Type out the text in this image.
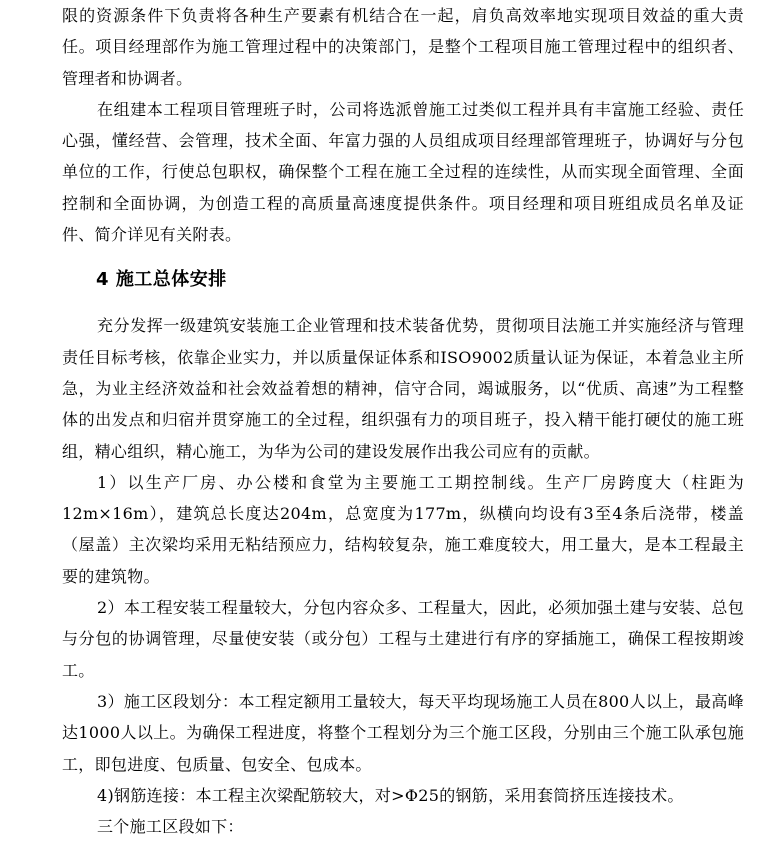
限的资源条件下负责将各种生产要素有机结合在一起，肩负高效率地实现项目效益的重大责任。项目经理部作为施工管理过程中的决策部门，是整个工程项目施工管理过程中的组织者、管理者和协调者。

在组建本工程项目管理班子时，公司将选派曾施工过类似工程并具有丰富施工经验、责任心强，懂经营、会管理，技术全面、年富力强的人员组成项目经理部管理班子，协调好与分包单位的工作，行使总包职权，确保整个工程在施工全过程的连续性，从而实现全面管理、全面控制和全面协调，为创造工程的高质量高速度提供条件。项目经理和项目班组成员名单及证件、简介详见有关附表。

4 施工总体安排

充分发挥一级建筑安装施工企业管理和技术装备优势，贯彻项目法施工并实施经济与管理责任目标考核，依靠企业实力，并以质量保证体系和ISO9002质量认证为保证，本着急业主所急，为业主经济效益和社会效益着想的精神，信守合同，竭诚服务，以“优质、高速”为工程整体的出发点和归宿并贯穿施工的全过程，组织强有力的项目班子，投入精干能打硬仗的施工班组，精心组织，精心施工，为华为公司的建设发展作出我公司应有的贡献。

1）以生产厂房、办公楼和食堂为主要施工工期控制线。生产厂房跨度大（柱距为12m×16m），建筑总长度达204m，总宽度为177m，纵横向均设有3至4条后浇带，楼盖（屋盖）主次梁均采用无粘结预应力，结构较复杂，施工难度较大，用工量大，是本工程最主要的建筑物。

2）本工程安装工程量较大，分包内容众多、工程量大，因此，必须加强土建与安装、总包与分包的协调管理，尽量使安装（或分包）工程与土建进行有序的穿插施工，确保工程按期竣工。

3）施工区段划分：本工程定额用工量较大，每天平均现场施工人员在800人以上，最高峰达1000人以上。为确保工程进度，将整个工程划分为三个施工区段，分别由三个施工队承包施工，即包进度、包质量、包安全、包成本。

4)钢筋连接：本工程主次梁配筋较大，对>Φ25的钢筋，采用套筒挤压连接技术。

三个施工区段如下：
